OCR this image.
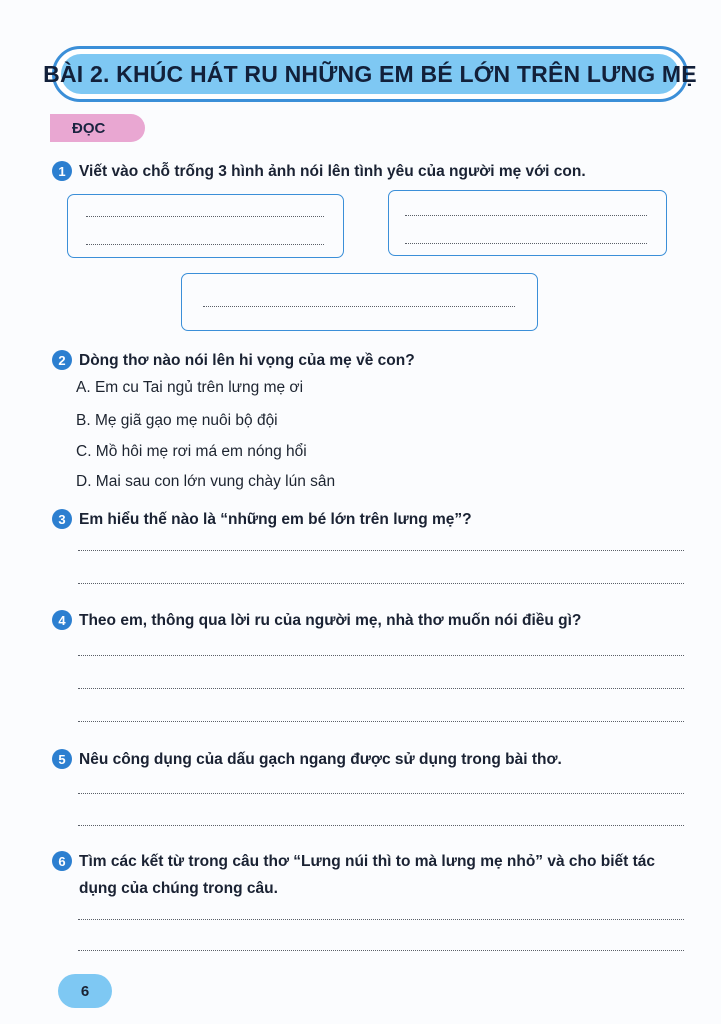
BÀI 2. KHÚC HÁT RU NHỮNG EM BÉ LỚN TRÊN LƯNG MẸ
ĐỌC
1 Viết vào chỗ trống 3 hình ảnh nói lên tình yêu của người mẹ với con.
2 Dòng thơ nào nói lên hi vọng của mẹ về con?
A. Em cu Tai ngủ trên lưng mẹ ơi
B. Mẹ giã gạo mẹ nuôi bộ đội
C. Mồ hôi mẹ rơi má em nóng hổi
D. Mai sau con lớn vung chày lún sân
3 Em hiểu thế nào là “những em bé lớn trên lưng mẹ”?
4 Theo em, thông qua lời ru của người mẹ, nhà thơ muốn nói điều gì?
5 Nêu công dụng của dấu gạch ngang được sử dụng trong bài thơ.
6 Tìm các kết từ trong câu thơ “Lưng núi thì to mà lưng mẹ nhỏ” và cho biết tác dụng của chúng trong câu.
6
